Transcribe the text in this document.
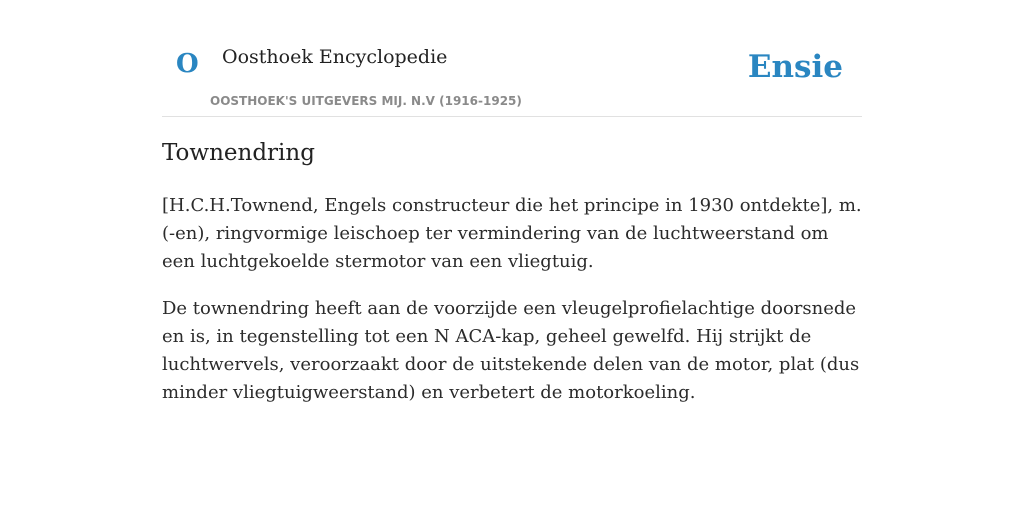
O Oosthoek Encyclopedie
OOSTHOEK'S UITGEVERS MIJ. N.V (1916-1925)
Ensie
Townendring

[H.C.H.Townend, Engels constructeur die het principe in 1930 ontdekte], m. (-en), ringvormige leischoep ter vermindering van de luchtweerstand om een luchtgekoelde stermotor van een vliegtuig.

De townendring heeft aan de voorzijde een vleugelprofielachtige doorsnede en is, in tegenstelling tot een N ACA-kap, geheel gewelfd. Hij strijkt de luchtwervels, veroorzaakt door de uitstekende delen van de motor, plat (dus minder vliegtuigweerstand) en verbetert de motorkoeling.
